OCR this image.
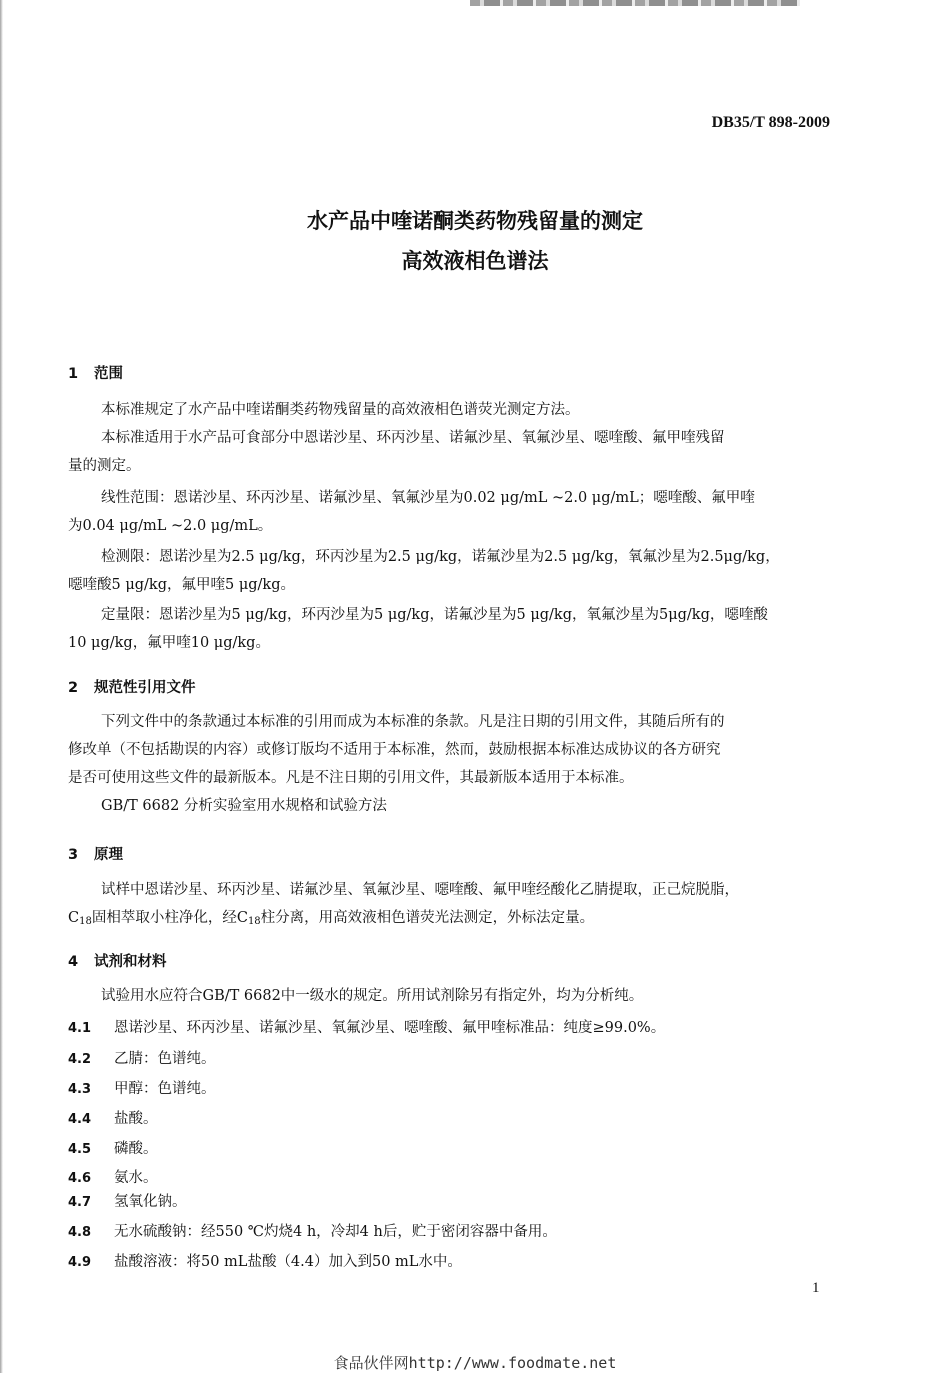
DB35/T 898-2009
水产品中喹诺酮类药物残留量的测定
高效液相色谱法
1 范围
本标准规定了水产品中喹诺酮类药物残留量的高效液相色谱荧光测定方法。
本标准适用于水产品可食部分中恩诺沙星、环丙沙星、诺氟沙星、氧氟沙星、噁喹酸、氟甲喹残留
量的测定。
线性范围：恩诺沙星、环丙沙星、诺氟沙星、氧氟沙星为0.02 μg/mL ~2.0 μg/mL；噁喹酸、氟甲喹
为0.04 μg/mL ~2.0 μg/mL。
检测限：恩诺沙星为2.5 μg/kg，环丙沙星为2.5 μg/kg，诺氟沙星为2.5 μg/kg，氧氟沙星为2.5μg/kg，
噁喹酸5 μg/kg，氟甲喹5 μg/kg。
定量限：恩诺沙星为5 μg/kg，环丙沙星为5 μg/kg，诺氟沙星为5 μg/kg，氧氟沙星为5μg/kg，噁喹酸
10 μg/kg，氟甲喹10 μg/kg。
2 规范性引用文件
下列文件中的条款通过本标准的引用而成为本标准的条款。凡是注日期的引用文件，其随后所有的
修改单（不包括勘误的内容）或修订版均不适用于本标准，然而，鼓励根据本标准达成协议的各方研究
是否可使用这些文件的最新版本。凡是不注日期的引用文件，其最新版本适用于本标准。
GB/T 6682 分析实验室用水规格和试验方法
3 原理
试样中恩诺沙星、环丙沙星、诺氟沙星、氧氟沙星、噁喹酸、氟甲喹经酸化乙腈提取，正己烷脱脂，
$C_{18}$固相萃取小柱净化，经$C_{18}$柱分离，用高效液相色谱荧光法测定，外标法定量。
4 试剂和材料
试验用水应符合GB/T 6682中一级水的规定。所用试剂除另有指定外，均为分析纯。
4.1 恩诺沙星、环丙沙星、诺氟沙星、氧氟沙星、噁喹酸、氟甲喹标准品：纯度≥99.0%。
4.2 乙腈：色谱纯。
4.3 甲醇：色谱纯。
4.4 盐酸。
4.5 磷酸。
4.6 氨水。
4.7 氢氧化钠。
4.8 无水硫酸钠：经550 ℃灼烧4 h，冷却4 h后，贮于密闭容器中备用。
4.9 盐酸溶液：将50 mL盐酸（4.4）加入到50 mL水中。
1
食品伙伴网http://www.foodmate.net
